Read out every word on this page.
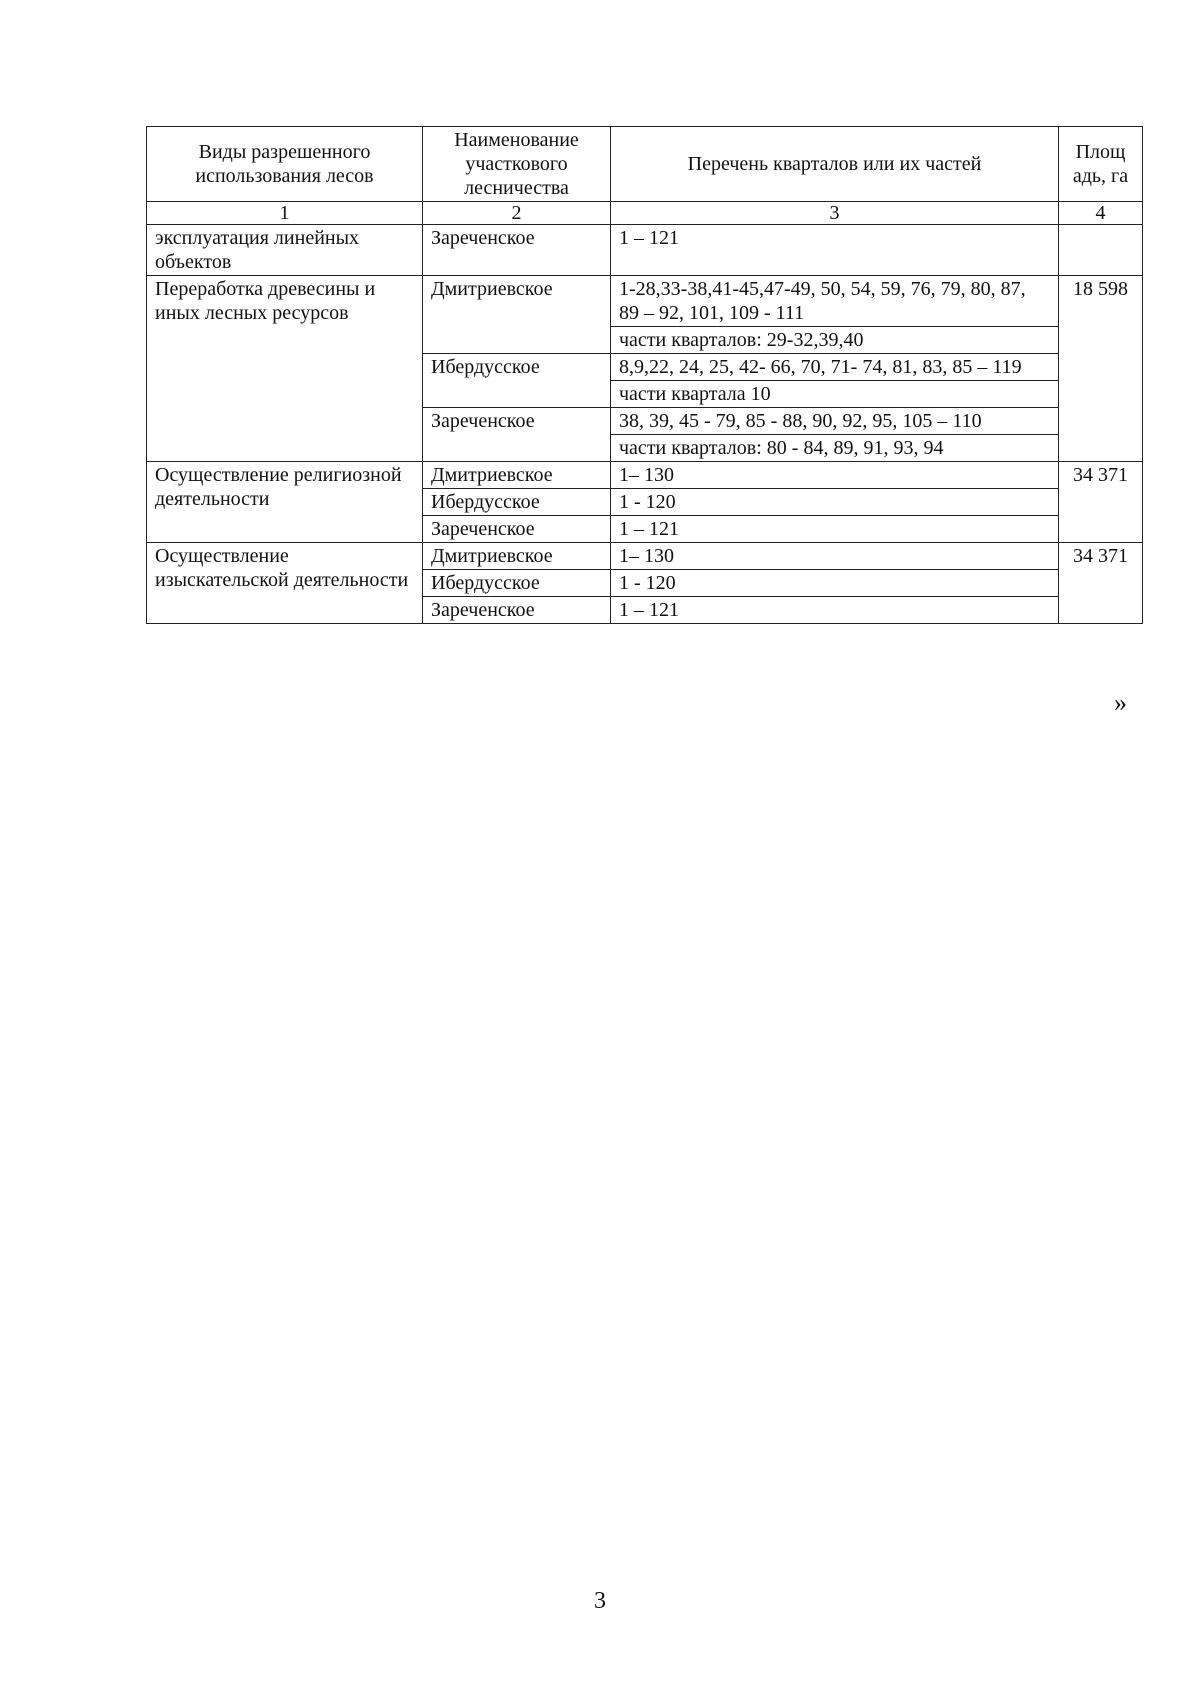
Виды разрешенного использования лесов	Наименование участкового лесничества	Перечень кварталов или их частей	Площ адь, га
1	2	3	4
эксплуатация линейных объектов	Зареченское	1 – 121	
Переработка древесины и иных лесных ресурсов	Дмитриевское	1-28,33-38,41-45,47-49, 50, 54, 59, 76, 79, 80, 87, 89 – 92, 101, 109 - 111	18 598
		части кварталов: 29-32,39,40	
	Ибердусское	8,9,22, 24, 25, 42- 66, 70, 71- 74, 81, 83, 85 – 119	
		части квартала 10	
	Зареченское	38, 39, 45 - 79, 85 - 88, 90, 92, 95, 105 – 110	
		части кварталов: 80 - 84, 89, 91, 93, 94	
Осуществление религиозной деятельности	Дмитриевское	1– 130	34 371
	Ибердусское	1 - 120	
	Зареченское	1 – 121	
Осуществление изыскательской деятельности	Дмитриевское	1– 130	34 371
	Ибердусское	1 - 120	
	Зареченское	1 – 121	
»
3
